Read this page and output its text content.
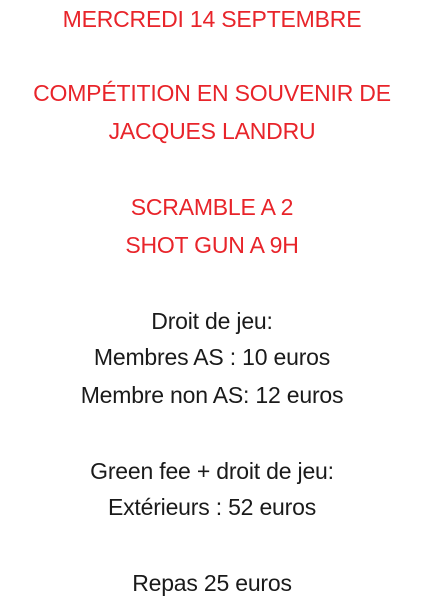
MERCREDI 14 SEPTEMBRE
COMPÉTITION EN SOUVENIR DE
JACQUES LANDRU
SCRAMBLE A 2
SHOT GUN A 9H
Droit de jeu:
Membres AS : 10 euros
Membre non AS: 12 euros
Green fee + droit de jeu:
Extérieurs : 52 euros
Repas 25 euros
